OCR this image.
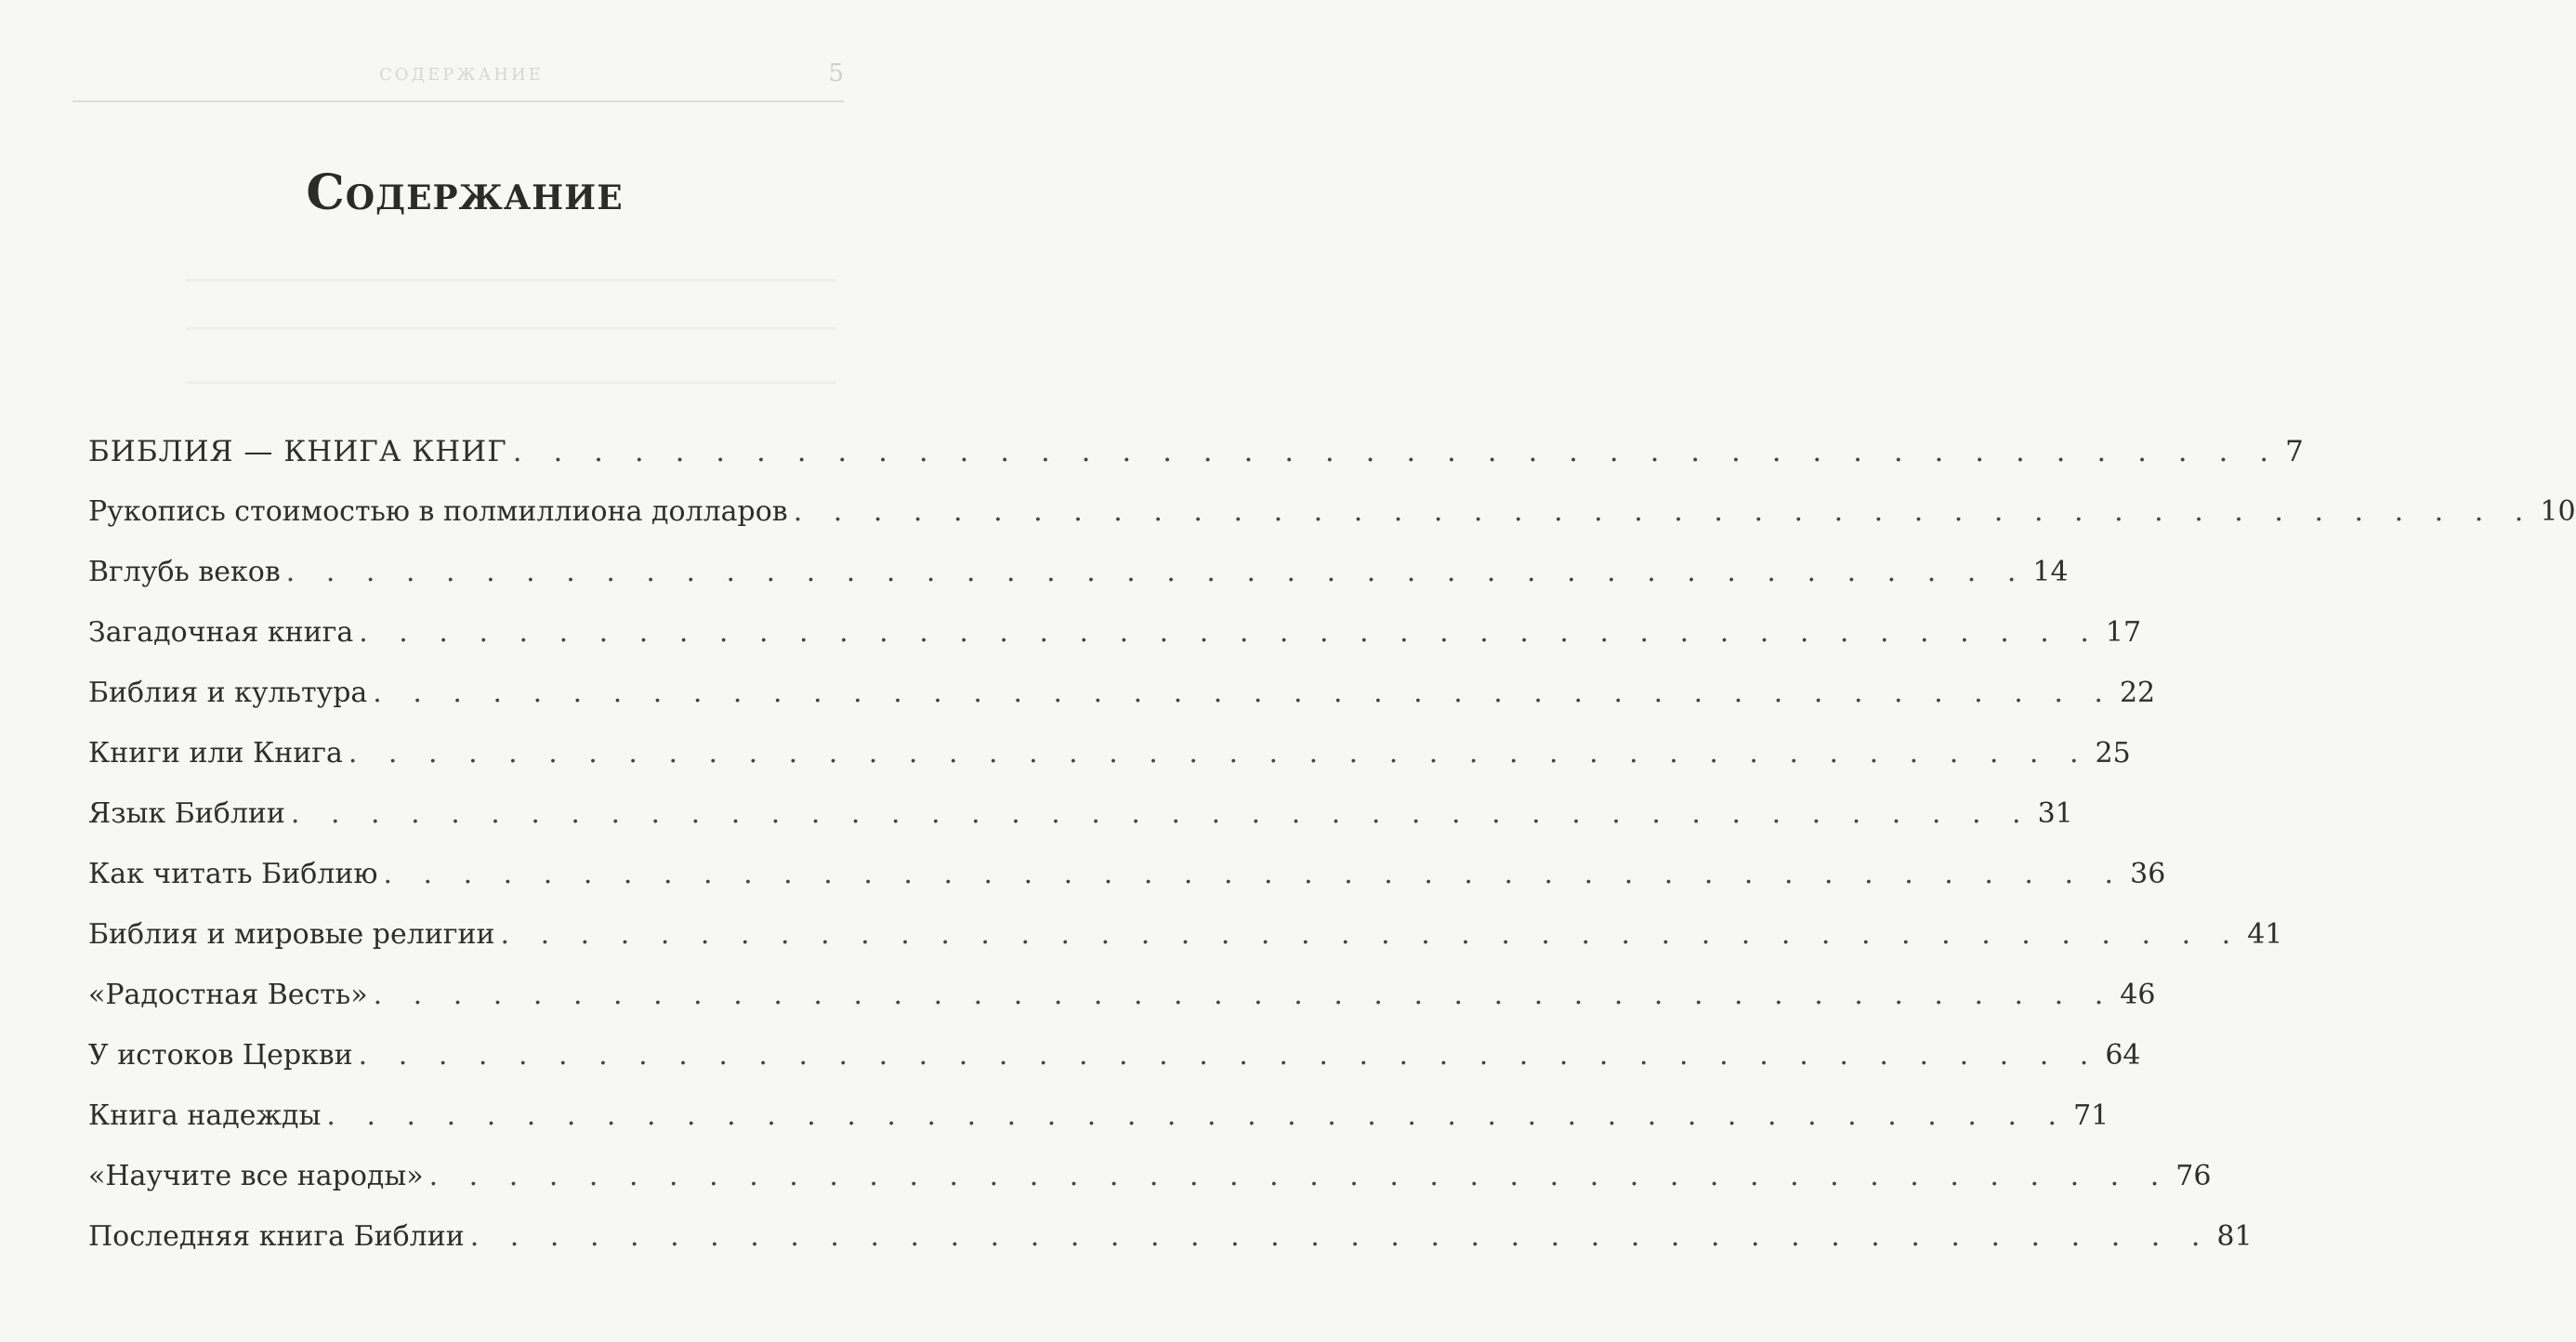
СОДЕРЖАНИЕ	5
Содержание
БИБЛИЯ — КНИГА КНИГ . . . . . . . . . . . . . . . . . . . . . . . . . . . . . . . . . . . . . . . . . . . . 7
Рукопись стоимостью в полмиллиона долларов . . . . . . . . . . . . . . . . . . . . . . . . . . . . . . . . . . . . . . . . . . . . 10
Вглубь веков . . . . . . . . . . . . . . . . . . . . . . . . . . . . . . . . . . . . . . . . . . . . 14
Загадочная книга . . . . . . . . . . . . . . . . . . . . . . . . . . . . . . . . . . . . . . . . . . . . 17
Библия и культура . . . . . . . . . . . . . . . . . . . . . . . . . . . . . . . . . . . . . . . . . . . . 22
Книги или Книга . . . . . . . . . . . . . . . . . . . . . . . . . . . . . . . . . . . . . . . . . . . . 25
Язык Библии . . . . . . . . . . . . . . . . . . . . . . . . . . . . . . . . . . . . . . . . . . . . 31
Как читать Библию . . . . . . . . . . . . . . . . . . . . . . . . . . . . . . . . . . . . . . . . . . . . 36
Библия и мировые религии . . . . . . . . . . . . . . . . . . . . . . . . . . . . . . . . . . . . . . . . . . . . 41
«Радостная Весть» . . . . . . . . . . . . . . . . . . . . . . . . . . . . . . . . . . . . . . . . . . . . 46
У истоков Церкви . . . . . . . . . . . . . . . . . . . . . . . . . . . . . . . . . . . . . . . . . . . . 64
Книга надежды . . . . . . . . . . . . . . . . . . . . . . . . . . . . . . . . . . . . . . . . . . . . 71
«Научите все народы» . . . . . . . . . . . . . . . . . . . . . . . . . . . . . . . . . . . . . . . . . . . . 76
Последняя книга Библии . . . . . . . . . . . . . . . . . . . . . . . . . . . . . . . . . . . . . . . . . . . . 81
